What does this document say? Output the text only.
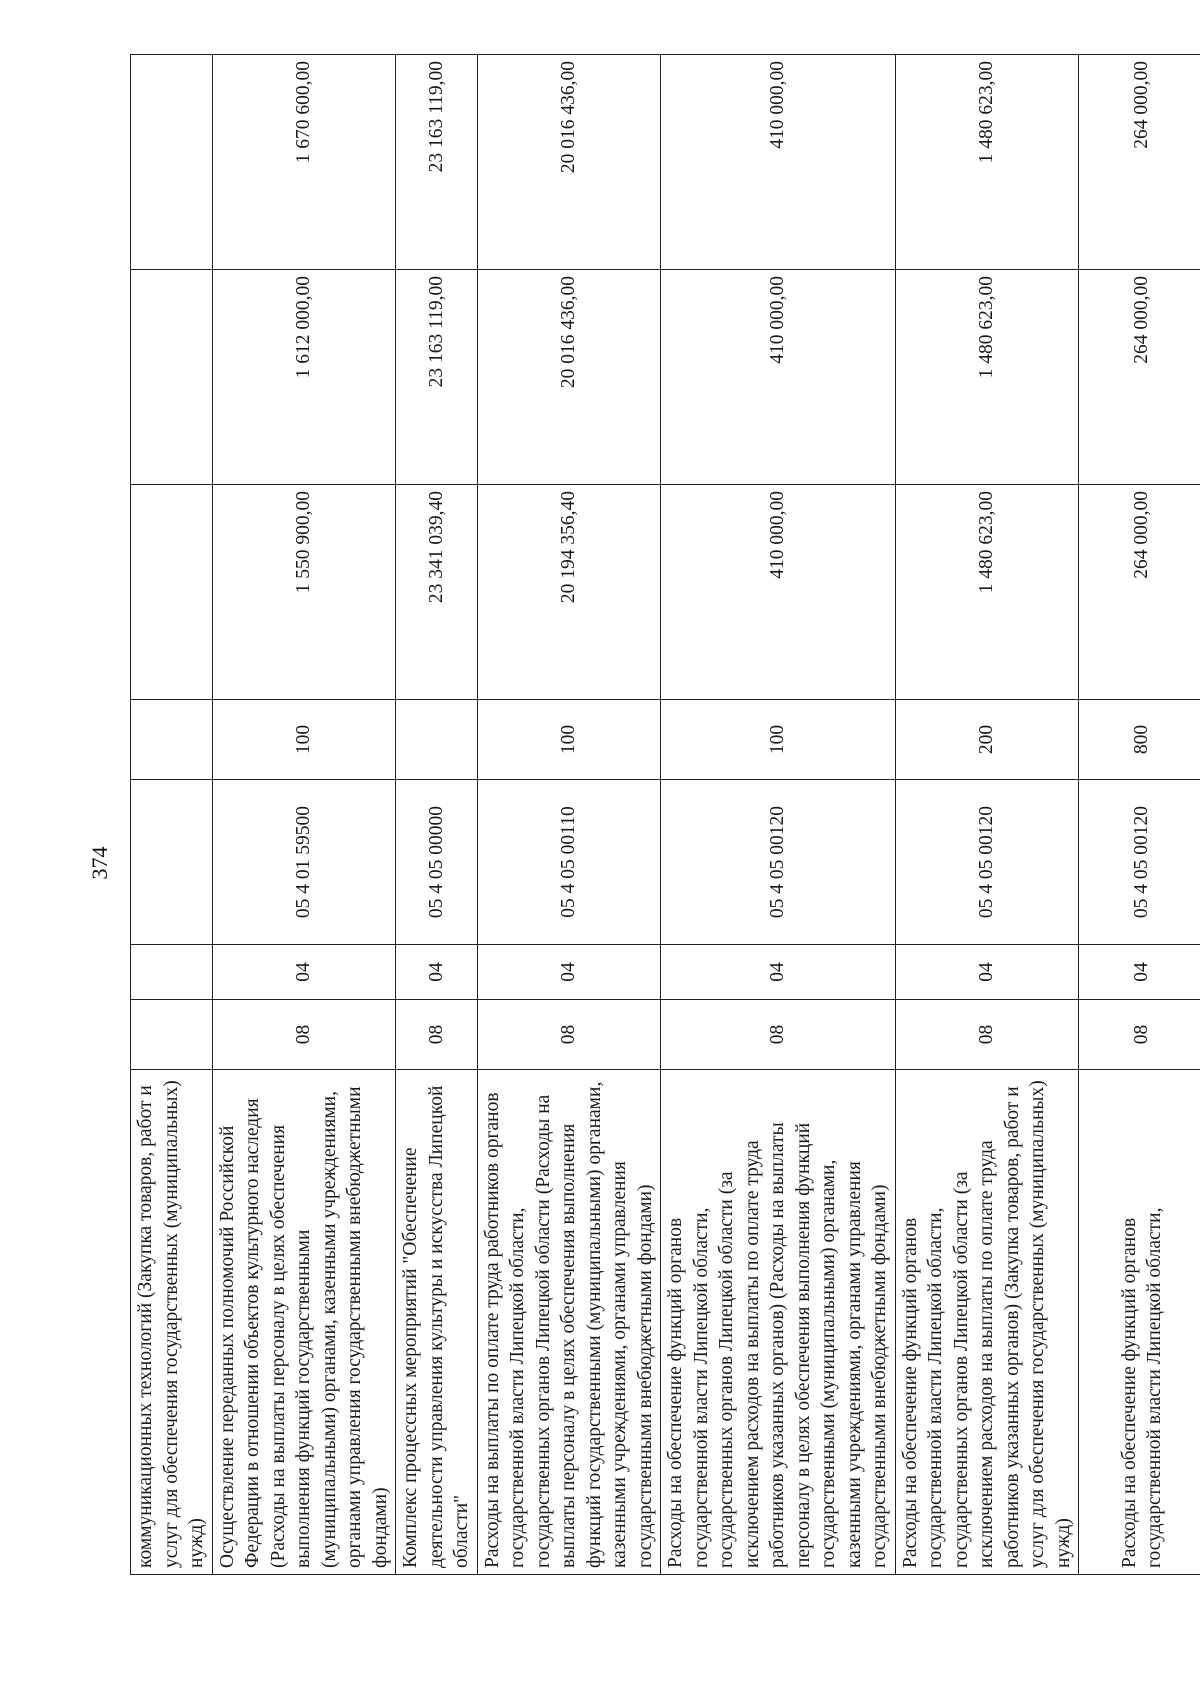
374
коммуникационных технологий (Закупка товаров, работ и услуг для обеспечения государственных (муниципальных) нужд)							
Осуществление переданных полномочий Российской Федерации в отношении объектов культурного наследия (Расходы на выплаты персоналу в целях обеспечения выполнения функций государственными (муниципальными) органами, казенными учреждениями, органами управления государственными внебюджетными фондами)	08	04	05 4 01 59500	100	1 550 900,00	1 612 000,00	1 670 600,00
Комплекс процессных мероприятий "Обеспечение деятельности управления культуры и искусства Липецкой области"	08	04	05 4 05 00000		23 341 039,40	23 163 119,00	23 163 119,00
Расходы на выплаты по оплате труда работников органов государственной власти Липецкой области, государственных органов Липецкой области (Расходы на выплаты персоналу в целях обеспечения выполнения функций государственными (муниципальными) органами, казенными учреждениями, органами управления государственными внебюджетными фондами)	08	04	05 4 05 00110	100	20 194 356,40	20 016 436,00	20 016 436,00
Расходы на обеспечение функций органов государственной власти Липецкой области, государственных органов Липецкой области (за исключением расходов на выплаты по оплате труда работников указанных органов) (Расходы на выплаты персоналу в целях обеспечения выполнения функций государственными (муниципальными) органами, казенными учреждениями, органами управления государственными внебюджетными фондами)	08	04	05 4 05 00120	100	410 000,00	410 000,00	410 000,00
Расходы на обеспечение функций органов государственной власти Липецкой области, государственных органов Липецкой области (за исключением расходов на выплаты по оплате труда работников указанных органов) (Закупка товаров, работ и услуг для обеспечения государственных (муниципальных) нужд)	08	04	05 4 05 00120	200	1 480 623,00	1 480 623,00	1 480 623,00
Расходы на обеспечение функций органов государственной власти Липецкой области,	08	04	05 4 05 00120	800	264 000,00	264 000,00	264 000,00
